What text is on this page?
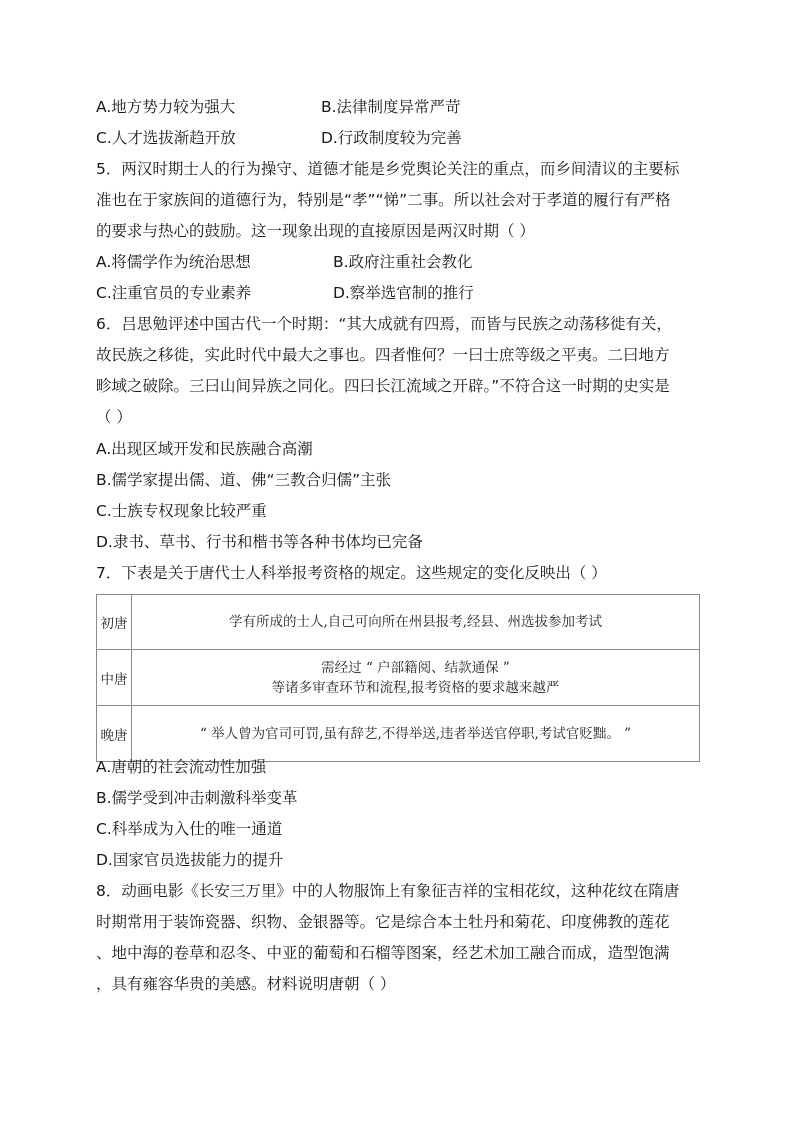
A.地方势力较为强大	B.法律制度异常严苛
C.人才选拔渐趋开放	D.行政制度较为完善
5．两汉时期士人的行为操守、道德才能是乡党舆论关注的重点，而乡间清议的主要标
准也在于家族间的道德行为，特别是“孝”“悌”二事。所以社会对于孝道的履行有严格
的要求与热心的鼓励。这一现象出现的直接原因是两汉时期（ ）
A.将儒学作为统治思想	B.政府注重社会教化
C.注重官员的专业素养	D.察举选官制的推行
6．吕思勉评述中国古代一个时期：“其大成就有四焉，而皆与民族之动荡移徙有关，
故民族之移徙，实此时代中最大之事也。四者惟何？一曰士庶等级之平夷。二曰地方
畛域之破除。三曰山间异族之同化。四曰长江流域之开辟。”不符合这一时期的史实是
（ ）
A.出现区域开发和民族融合高潮
B.儒学家提出儒、道、佛“三教合归儒”主张
C.士族专权现象比较严重
D.隶书、草书、行书和楷书等各种书体均已完备
7．下表是关于唐代士人科举报考资格的规定。这些规定的变化反映出（ ）
初唐	学有所成的士人,自己可向所在州县报考,经县、州选拔参加考试

中唐	需经过 “ 户部籍阅、结款通保 ”
等诸多审查环节和流程,报考资格的要求越来越严

晚唐	“ 举人曾为官司可罚,虽有辞艺,不得举送,违者举送官停职,考试官贬黜。 ”
A.唐朝的社会流动性加强
B.儒学受到冲击刺激科举变革
C.科举成为入仕的唯一通道
D.国家官员选拔能力的提升
8．动画电影《长安三万里》中的人物服饰上有象征吉祥的宝相花纹，这种花纹在隋唐
时期常用于装饰瓷器、织物、金银器等。它是综合本土牡丹和菊花、印度佛教的莲花
、地中海的卷草和忍冬、中亚的葡萄和石榴等图案，经艺术加工融合而成，造型饱满
，具有雍容华贵的美感。材料说明唐朝（ ）
